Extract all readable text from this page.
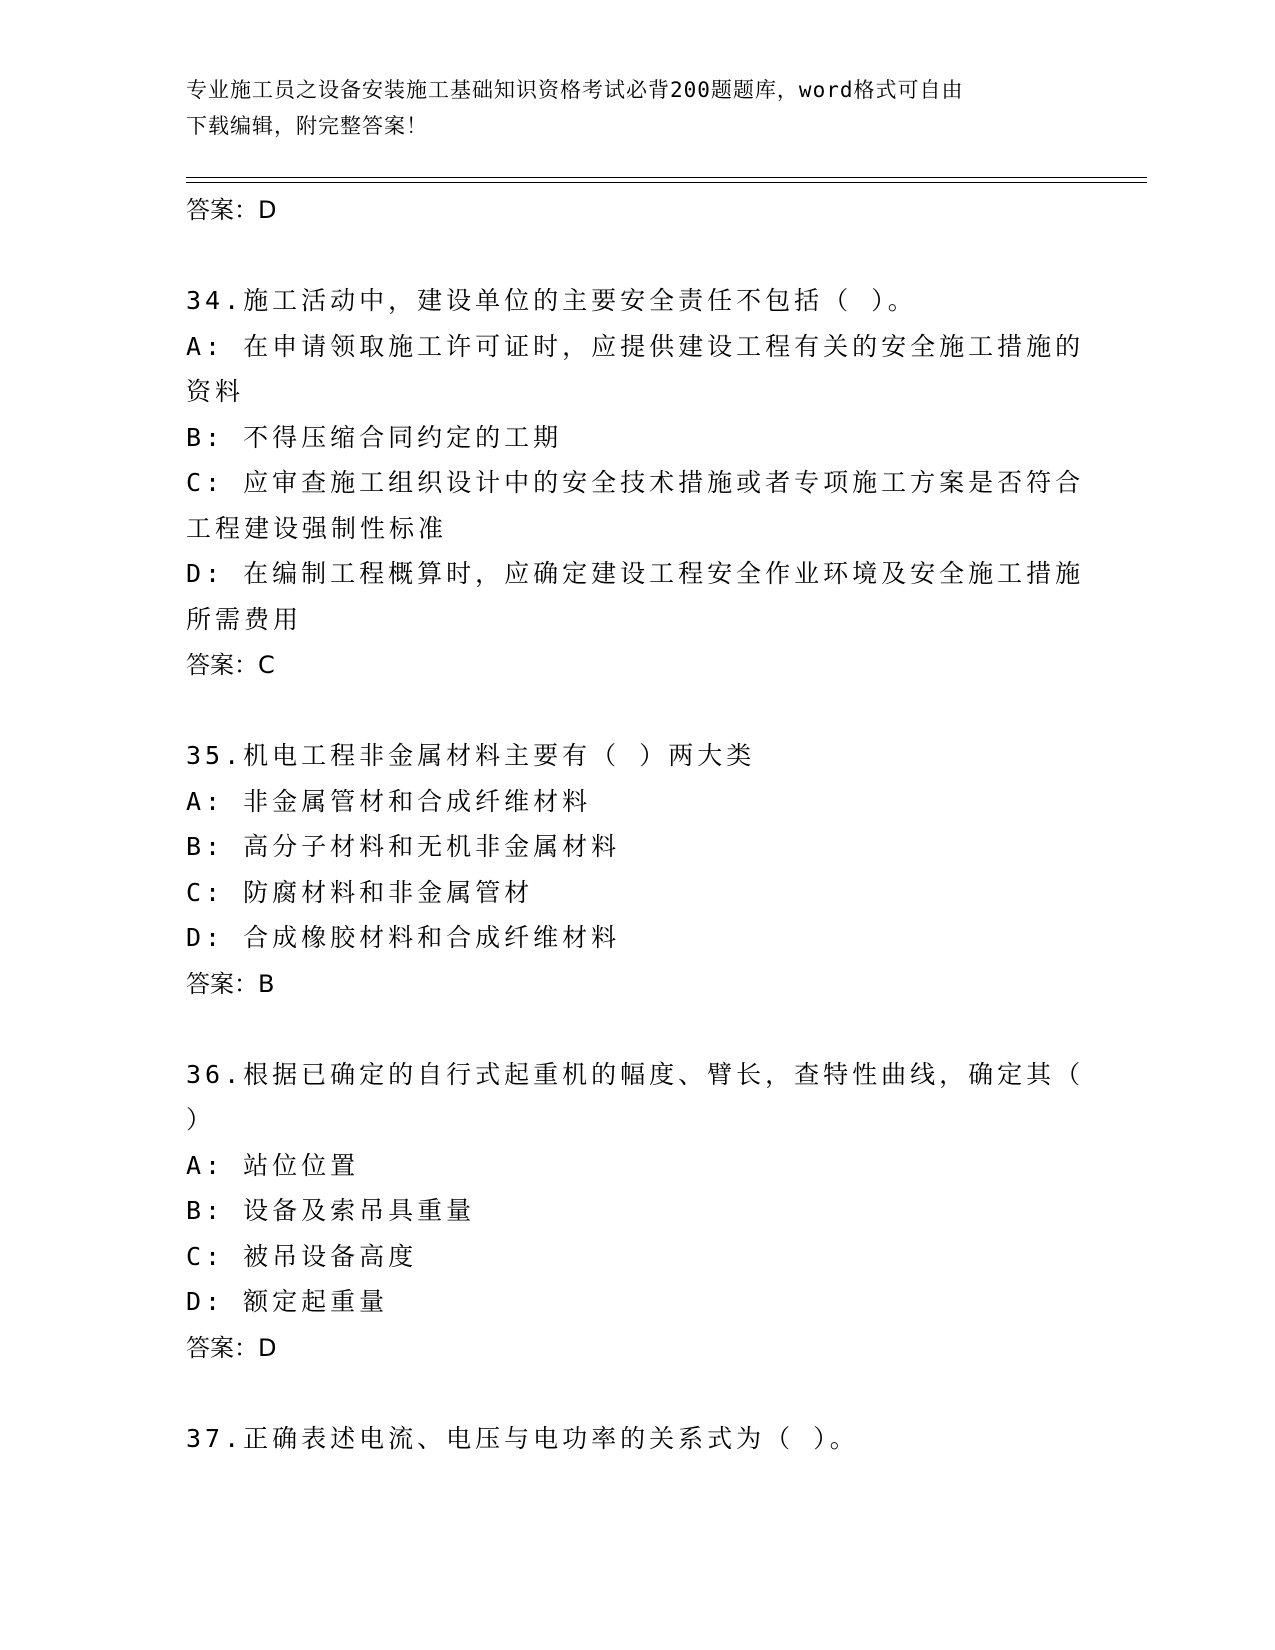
专业施工员之设备安装施工基础知识资格考试必背200题题库，word格式可自由
下载编辑，附完整答案！
答案：D
34.施工活动中，建设单位的主要安全责任不包括（ ）。
A: 在申请领取施工许可证时，应提供建设工程有关的安全施工措施的
资料
B: 不得压缩合同约定的工期
C: 应审查施工组织设计中的安全技术措施或者专项施工方案是否符合
工程建设强制性标准
D: 在编制工程概算时，应确定建设工程安全作业环境及安全施工措施
所需费用
答案：C
35.机电工程非金属材料主要有（ ）两大类
A: 非金属管材和合成纤维材料
B: 高分子材料和无机非金属材料
C: 防腐材料和非金属管材
D: 合成橡胶材料和合成纤维材料
答案：B
36.根据已确定的自行式起重机的幅度、臂长，查特性曲线，确定其（
）
A: 站位位置
B: 设备及索吊具重量
C: 被吊设备高度
D: 额定起重量
答案：D
37.正确表述电流、电压与电功率的关系式为（ ）。
